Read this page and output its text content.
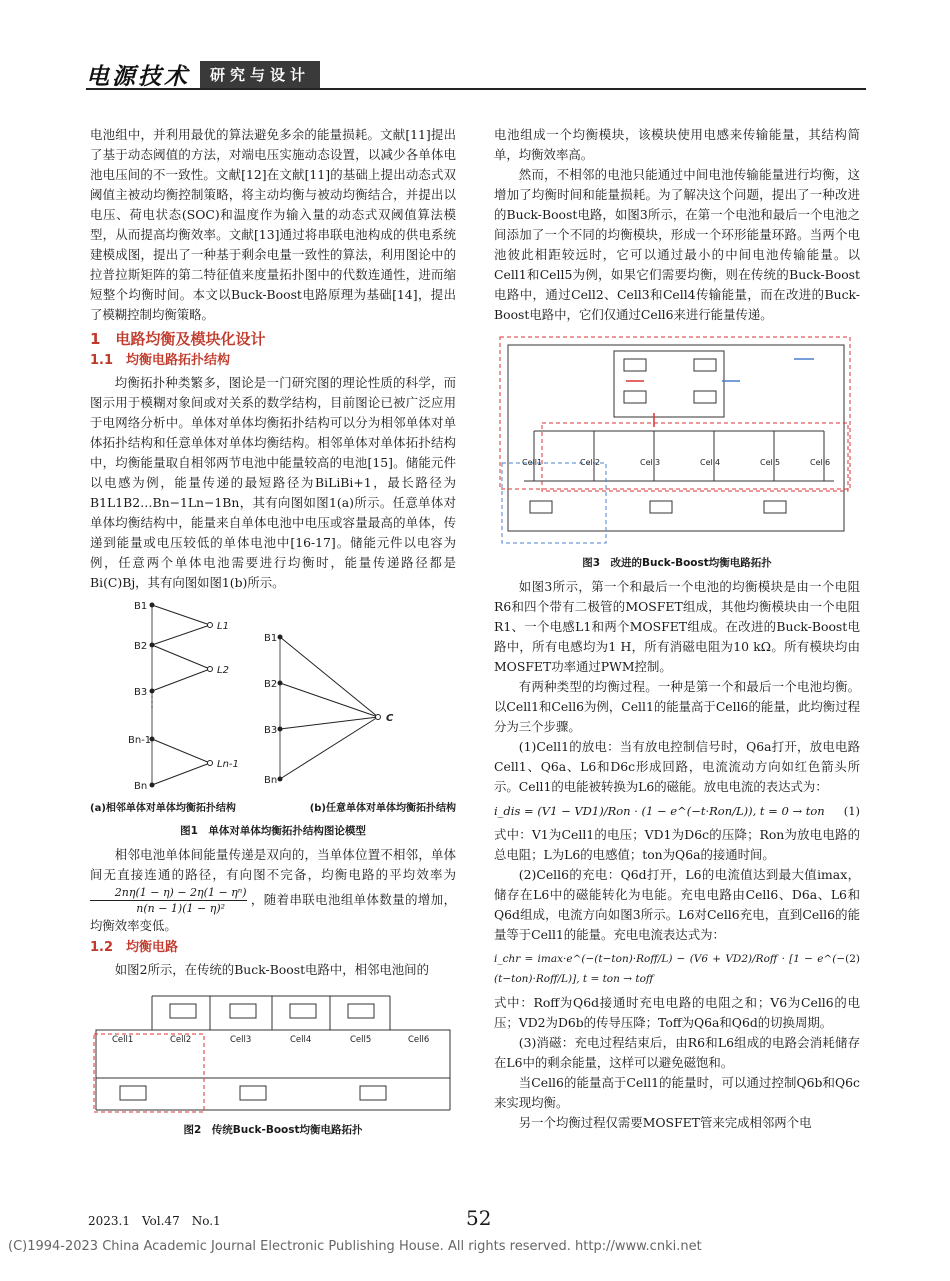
电源技术	研究与设计

电池组中，并利用最优的算法避免多余的能量损耗。文献[11]提出了基于动态阈值的方法，对端电压实施动态设置，以减少各单体电池电压间的不一致性。文献[12]在文献[11]的基础上提出动态式双阈值主被动均衡控制策略，将主动均衡与被动均衡结合，并提出以电压、荷电状态(SOC)和温度作为输入量的动态式双阈值算法模型，从而提高均衡效率。文献[13]通过将串联电池构成的供电系统建模成图，提出了一种基于剩余电量一致性的算法，利用图论中的拉普拉斯矩阵的第二特征值来度量拓扑图中的代数连通性，进而缩短整个均衡时间。本文以Buck-Boost电路原理为基础[14]，提出了模糊控制均衡策略。

1　电路均衡及模块化设计
1.1　均衡电路拓扑结构

均衡拓扑种类繁多，图论是一门研究图的理论性质的科学，而图示用于模糊对象间或对关系的数学结构，目前图论已被广泛应用于电网络分析中。单体对单体均衡拓扑结构可以分为相邻单体对单体拓扑结构和任意单体对单体均衡结构。相邻单体对单体拓扑结构中，均衡能量取自相邻两节电池中能量较高的电池[15]。储能元件以电感为例，能量传递的最短路径为BiLiBi+1，最长路径为B1L1B2…Bn−1Ln−1Bn，其有向图如图1(a)所示。任意单体对单体均衡结构中，能量来自单体电池中电压或容量最高的单体，传递到能量或电压较低的单体电池中[16-17]。储能元件以电容为例，任意两个单体电池需要进行均衡时，能量传递路径都是Bi(C)Bj，其有向图如图1(b)所示。

B1
B2
B3
Bn-1
Bn
L1
L2
Ln-1
B1
B2
B3
Bn
C
(a)相邻单体对单体均衡拓扑结构	(b)任意单体对单体均衡拓扑结构
图1　单体对单体均衡拓扑结构图论模型

相邻电池单体间能量传递是双向的，当单体位置不相邻，单体间无直接连通的路径，有向图不完备，均衡电路的平均效率为
$\frac{\text{2nη(1 − η) − 2η(1 − ηⁿ)}}{\text{n(n − 1)(1 − η)²}}$ ，随着串联电池组单体数量的增加，均衡效率变低。

1.2　均衡电路

如图2所示，在传统的Buck-Boost电路中，相邻电池间的

Cell1	Cell2	Cell3	Cell4	Cell5	Cell6
图2　传统Buck-Boost均衡电路拓扑

电池组成一个均衡模块，该模块使用电感来传输能量，其结构简单，均衡效率高。

然而，不相邻的电池只能通过中间电池传输能量进行均衡，这增加了均衡时间和能量损耗。为了解决这个问题，提出了一种改进的Buck-Boost电路，如图3所示，在第一个电池和最后一个电池之间添加了一个不同的均衡模块，形成一个环形能量环路。当两个电池彼此相距较远时，它可以通过最小的中间电池传输能量。以Cell1和Cell5为例，如果它们需要均衡，则在传统的Buck-Boost电路中，通过Cell2、Cell3和Cell4传输能量，而在改进的Buck-Boost电路中，它们仅通过Cell6来进行能量传递。

Cell1	Cell2	Cell3	Cell4	Cell5	Cell6
图3　改进的Buck-Boost均衡电路拓扑

如图3所示，第一个和最后一个电池的均衡模块是由一个电阻R6和四个带有二极管的MOSFET组成，其他均衡模块由一个电阻R1、一个电感L1和两个MOSFET组成。在改进的Buck-Boost电路中，所有电感均为1 H，所有消磁电阻为10 kΩ。所有模块均由MOSFET功率通过PWM控制。

有两种类型的均衡过程。一种是第一个和最后一个电池均衡。以Cell1和Cell6为例，Cell1的能量高于Cell6的能量，此均衡过程分为三个步骤。

(1)Cell1的放电：当有放电控制信号时，Q6a打开，放电电路Cell1、Q6a、L6和D6c形成回路，电流流动方向如红色箭头所示。Cell1的电能被转换为L6的磁能。放电电流的表达式为：

i_dis = (V1 − VD1)/Ron · (1 − e^(−t·Ron/L)), t = 0 → ton (1)

式中：V1为Cell1的电压；VD1为D6c的压降；Ron为放电电路的总电阻；L为L6的电感值；ton为Q6a的接通时间。

(2)Cell6的充电：Q6d打开，L6的电流值达到最大值imax，储存在L6中的磁能转化为电能。充电电路由Cell6、D6a、L6和Q6d组成，电流方向如图3所示。L6对Cell6充电，直到Cell6的能量等于Cell1的能量。充电电流表达式为：

i_chr = imax·e^(−(t−ton)·Roff/L) − (V6 + VD2)/Roff · [1 − e^(−(t−ton)·Roff/L)], t = ton → toff
(2)

式中：Roff为Q6d接通时充电电路的电阻之和；V6为Cell6的电压；VD2为D6b的传导压降；Toff为Q6a和Q6d的切换周期。

(3)消磁：充电过程结束后，由R6和L6组成的电路会消耗储存在L6中的剩余能量，这样可以避免磁饱和。

当Cell6的能量高于Cell1的能量时，可以通过控制Q6b和Q6c来实现均衡。

另一个均衡过程仅需要MOSFET管来完成相邻两个电

2023.1　Vol.47　No.1	52
(C)1994-2023 China Academic Journal Electronic Publishing House. All rights reserved. http://www.cnki.net
